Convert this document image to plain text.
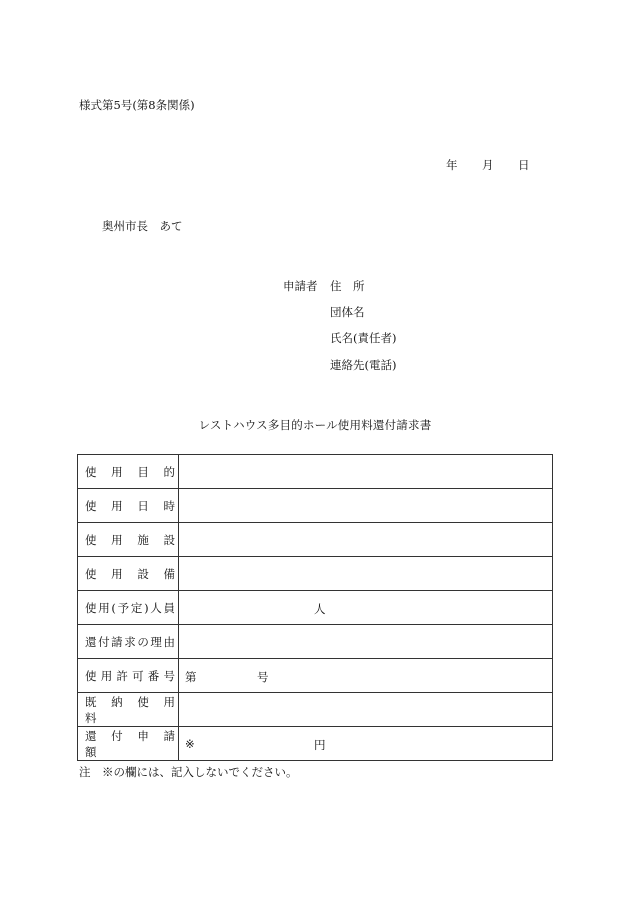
様式第5号(第8条関係)
年 月 日
奥州市長　あて
申請者 住　所
団体名
氏名(責任者)
連絡先(電話)
レストハウス多目的ホール使用料還付請求書
使　用　目　的	
使　用　日　時	
使　用　施　設	
使　用　設　備	
使用(予定)人員	人

還付請求の理由	
使用許可番号	第 号

既　納　使　用　料	
還　付　申　請　額	※ 円
注　※の欄には、記入しないでください。
